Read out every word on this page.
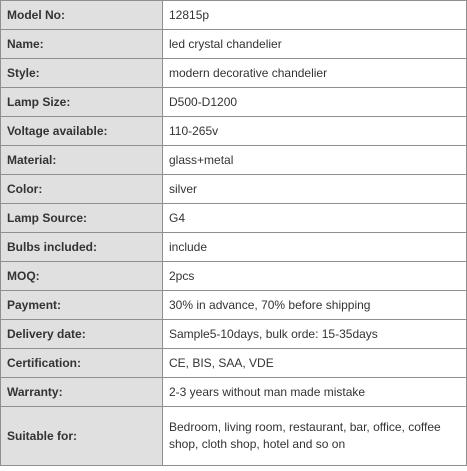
Model No:	12815p
Name:	led crystal chandelier
Style:	modern decorative chandelier
Lamp Size:	D500-D1200
Voltage available:	110-265v
Material:	glass+metal
Color:	silver
Lamp Source:	G4
Bulbs included:	include
MOQ:	2pcs
Payment:	30% in advance, 70% before shipping
Delivery date:	Sample5-10days, bulk orde: 15-35days
Certification:	CE, BIS, SAA, VDE
Warranty:	2-3 years without man made mistake
Suitable for:	Bedroom, living room, restaurant, bar, office, coffee shop, cloth shop, hotel and so on
